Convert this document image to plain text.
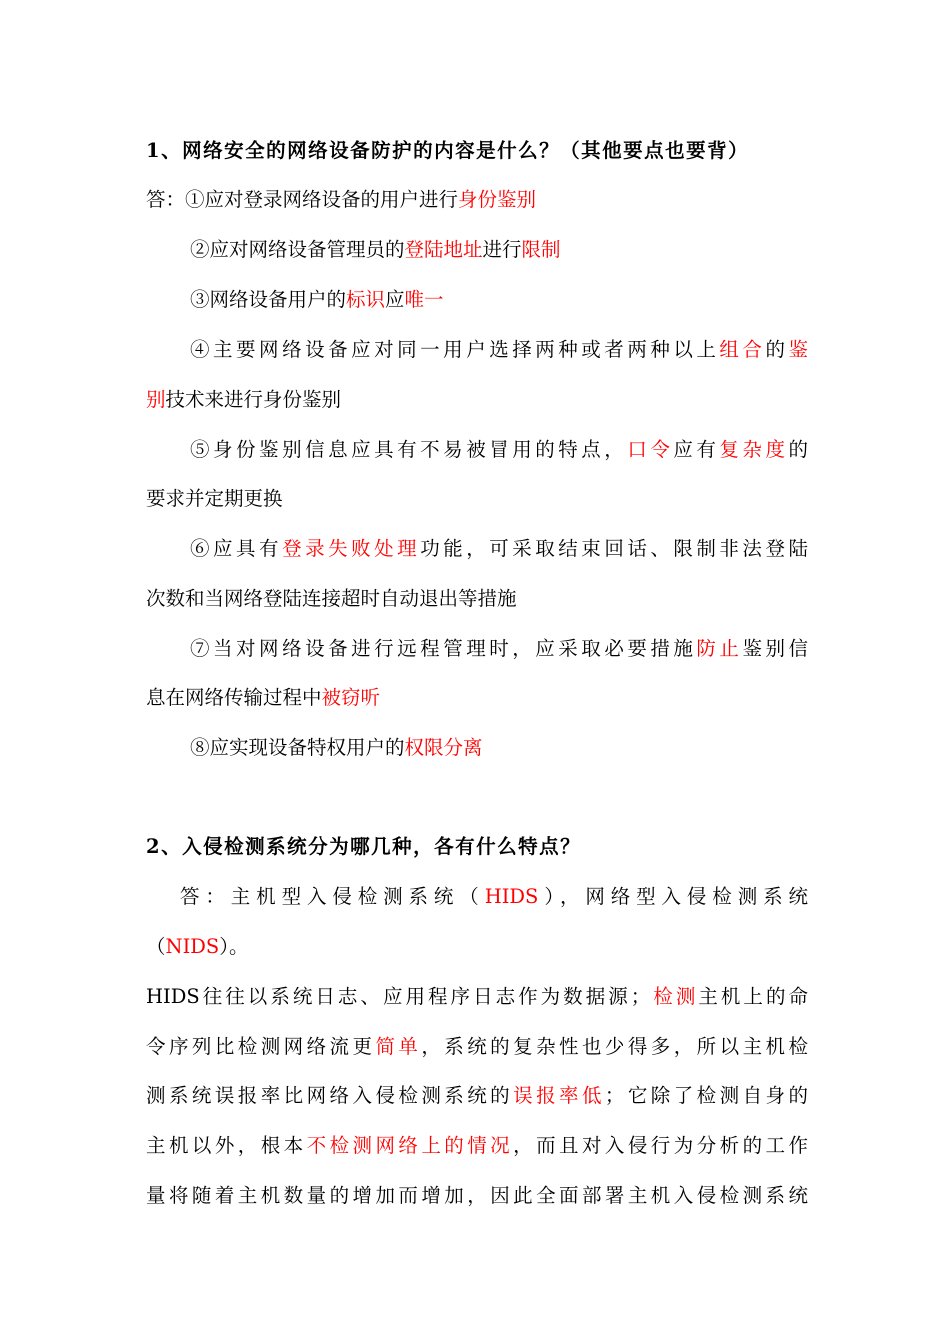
1、网络安全的网络设备防护的内容是什么？（其他要点也要背）
答：①应对登录网络设备的用户进行身份鉴别
②应对网络设备管理员的登陆地址进行限制
③网络设备用户的标识应唯一
④主要网络设备应对同一用户选择两种或者两种以上组合的鉴
别技术来进行身份鉴别
⑤身份鉴别信息应具有不易被冒用的特点，口令应有复杂度的
要求并定期更换
⑥应具有登录失败处理功能，可采取结束回话、限制非法登陆
次数和当网络登陆连接超时自动退出等措施
⑦当对网络设备进行远程管理时，应采取必要措施防止鉴别信
息在网络传输过程中被窃听
⑧应实现设备特权用户的权限分离
2、入侵检测系统分为哪几种，各有什么特点？
答：主机型入侵检测系统（HIDS），网络型入侵检测系统
（NIDS）。
HIDS往往以系统日志、应用程序日志作为数据源；检测主机上的命
令序列比检测网络流更简单，系统的复杂性也少得多，所以主机检
测系统误报率比网络入侵检测系统的误报率低；它除了检测自身的
主机以外，根本不检测网络上的情况，而且对入侵行为分析的工作
量将随着主机数量的增加而增加，因此全面部署主机入侵检测系统
